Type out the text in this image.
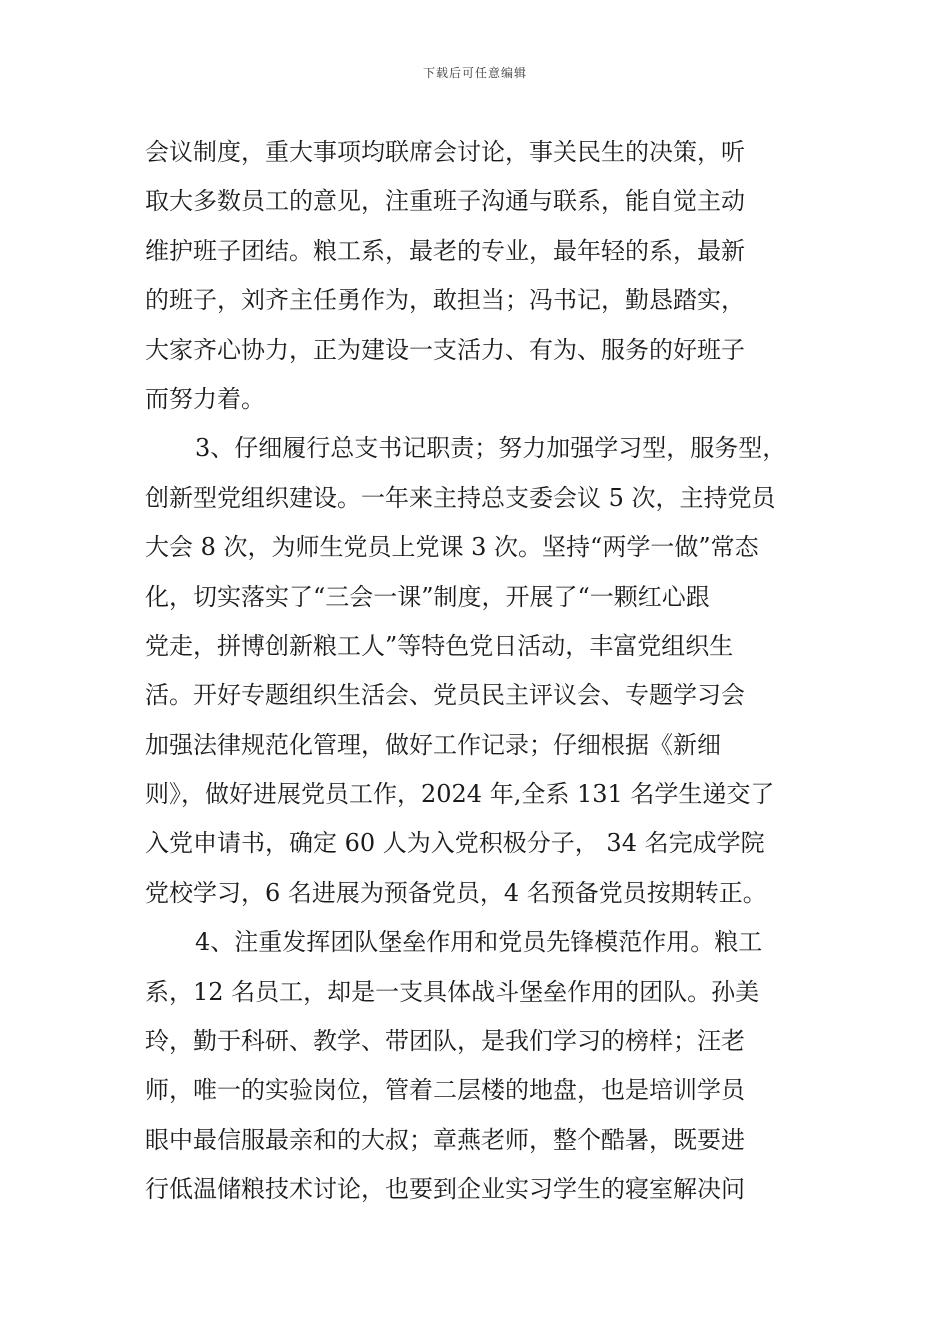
下载后可任意编辑
会议制度，重大事项均联席会讨论，事关民生的决策，听
取大多数员工的意见，注重班子沟通与联系，能自觉主动
维护班子团结。粮工系，最老的专业，最年轻的系，最新
的班子，刘齐主任勇作为，敢担当；冯书记，勤恳踏实，
大家齐心协力，正为建设一支活力、有为、服务的好班子
而努力着。
3、仔细履行总支书记职责；努力加强学习型，服务型，
创新型党组织建设。一年来主持总支委会议 5 次，主持党员
大会 8 次，为师生党员上党课 3 次。坚持“两学一做”常态
化，切实落实了“三会一课”制度，开展了“一颗红心跟
党走，拼博创新粮工人”等特色党日活动，丰富党组织生
活。开好专题组织生活会、党员民主评议会、专题学习会
加强法律规范化管理，做好工作记录；仔细根据《新细
则》，做好进展党员工作，2024 年,全系 131 名学生递交了
入党申请书，确定 60 人为入党积极分子， 34 名完成学院
党校学习，6 名进展为预备党员，4 名预备党员按期转正。
4、注重发挥团队堡垒作用和党员先锋模范作用。粮工
系，12 名员工，却是一支具体战斗堡垒作用的团队。孙美
玲，勤于科研、教学、带团队，是我们学习的榜样；汪老
师，唯一的实验岗位，管着二层楼的地盘，也是培训学员
眼中最信服最亲和的大叔；章燕老师，整个酷暑，既要进
行低温储粮技术讨论，也要到企业实习学生的寝室解决问
